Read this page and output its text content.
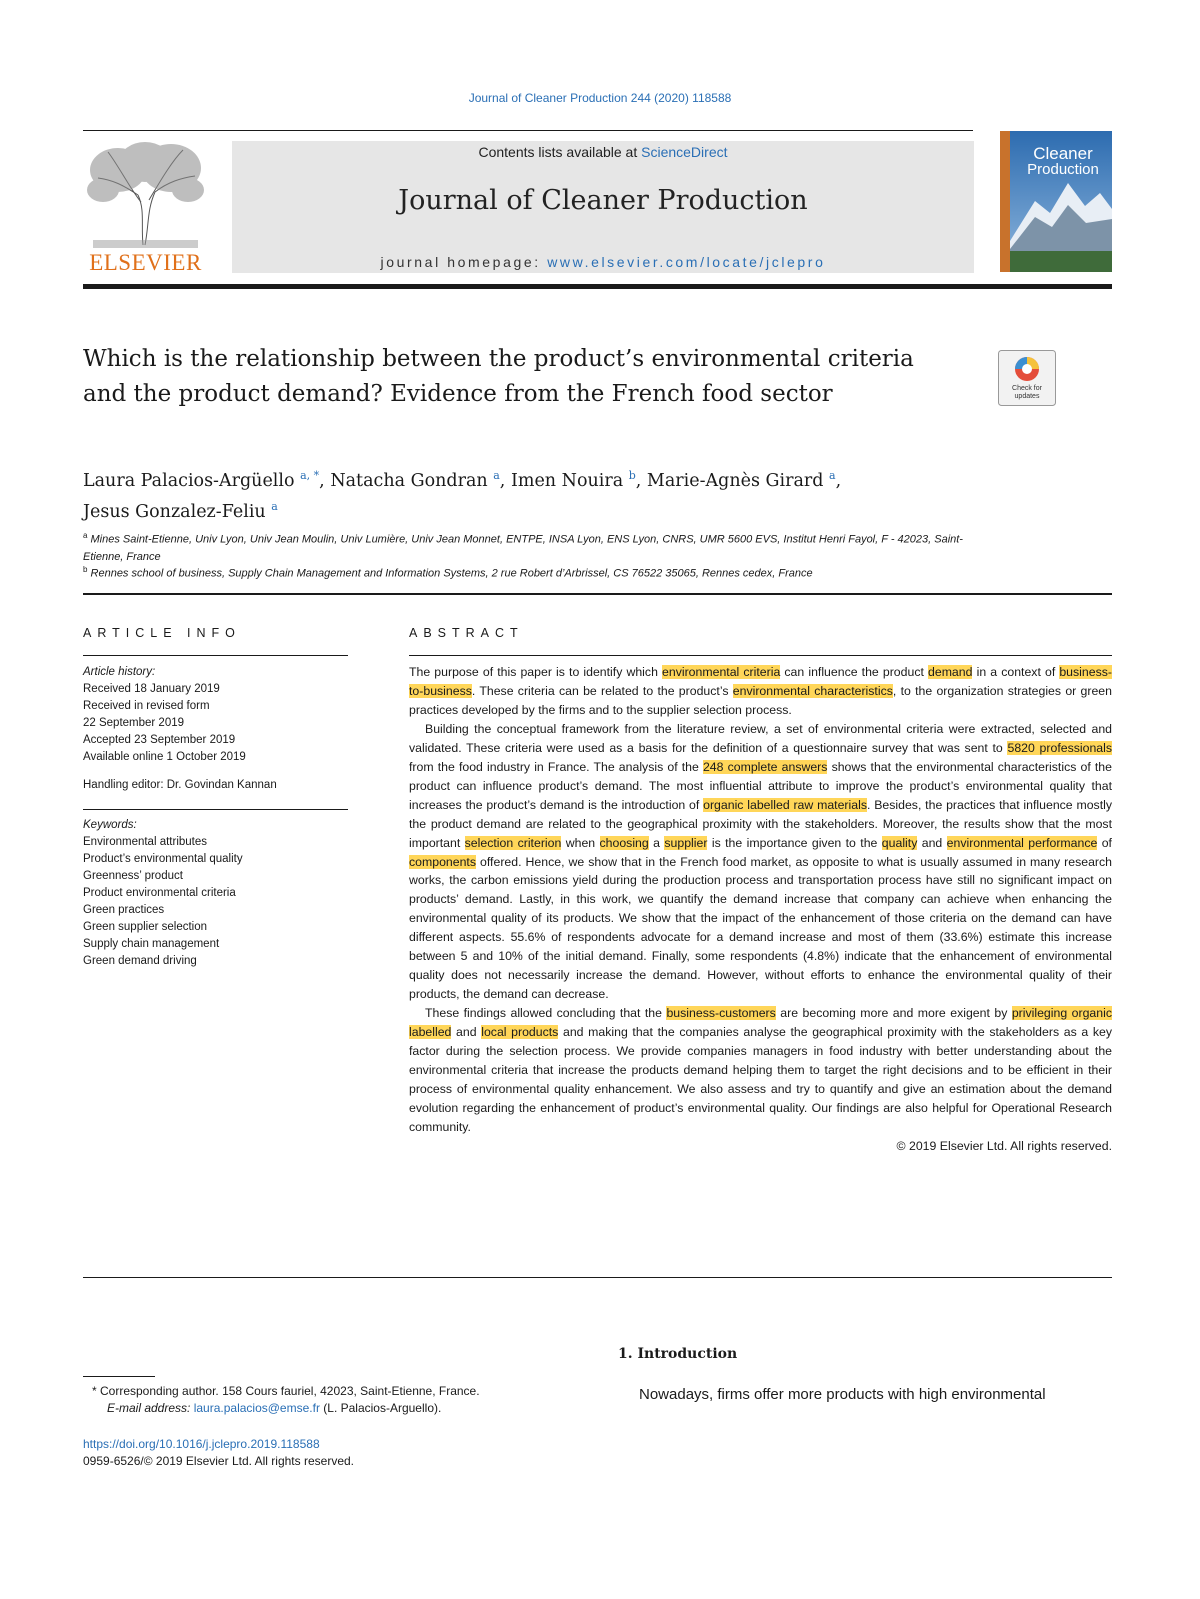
Journal of Cleaner Production 244 (2020) 118588
ELSEVIER
Contents lists available at ScienceDirect
Journal of Cleaner Production
journal homepage: www.elsevier.com/locate/jclepro
Cleaner
Production
Which is the relationship between the product’s environmental criteria and the product demand? Evidence from the French food sector	Check for
updates
Laura Palacios-Argüello $^{a, *}$, Natacha Gondran $^a$, Imen Nouira $^b$, Marie-Agnès Girard $^a$,
Jesus Gonzalez-Feliu $^a$
$^a$ Mines Saint-Etienne, Univ Lyon, Univ Jean Moulin, Univ Lumière, Univ Jean Monnet, ENTPE, INSA Lyon, ENS Lyon, CNRS, UMR 5600 EVS, Institut Henri Fayol, F - 42023, Saint-Etienne, France
$^b$ Rennes school of business, Supply Chain Management and Information Systems, 2 rue Robert d’Arbrissel, CS 76522 35065, Rennes cedex, France
ARTICLE INFO
Article history:
Received 18 January 2019
Received in revised form
22 September 2019
Accepted 23 September 2019
Available online 1 October 2019
Handling editor: Dr. Govindan Kannan
Keywords:
Environmental attributes
Product’s environmental quality
Greenness’ product
Product environmental criteria
Green practices
Green supplier selection
Supply chain management
Green demand driving
ABSTRACT

The purpose of this paper is to identify which environmental criteria can influence the product demand in a context of business-to-business. These criteria can be related to the product’s environmental characteristics, to the organization strategies or green practices developed by the firms and to the supplier selection process.

Building the conceptual framework from the literature review, a set of environmental criteria were extracted, selected and validated. These criteria were used as a basis for the definition of a questionnaire survey that was sent to 5820 professionals from the food industry in France. The analysis of the 248 complete answers shows that the environmental characteristics of the product can influence product’s demand. The most influential attribute to improve the product’s environmental quality that increases the product’s demand is the introduction of organic labelled raw materials. Besides, the practices that influence mostly the product demand are related to the geographical proximity with the stakeholders. Moreover, the results show that the most important selection criterion when choosing a supplier is the importance given to the quality and environmental performance of components offered. Hence, we show that in the French food market, as opposite to what is usually assumed in many research works, the carbon emissions yield during the production process and transportation process have still no significant impact on products’ demand. Lastly, in this work, we quantify the demand increase that company can achieve when enhancing the environmental quality of its products. We show that the impact of the enhancement of those criteria on the demand can have different aspects. 55.6% of respondents advocate for a demand increase and most of them (33.6%) estimate this increase between 5 and 10% of the initial demand. Finally, some respondents (4.8%) indicate that the enhancement of environmental quality does not necessarily increase the demand. However, without efforts to enhance the environmental quality of their products, the demand can decrease.

These findings allowed concluding that the business-customers are becoming more and more exigent by privileging organic labelled and local products and making that the companies analyse the geographical proximity with the stakeholders as a key factor during the selection process. We provide companies managers in food industry with better understanding about the environmental criteria that increase the products demand helping them to target the right decisions and to be efficient in their process of environmental quality enhancement. We also assess and try to quantify and give an estimation about the demand evolution regarding the enhancement of product’s environmental quality. Our findings are also helpful for Operational Research community.

© 2019 Elsevier Ltd. All rights reserved.

1. Introduction
Nowadays, firms offer more products with high environmental
* Corresponding author. 158 Cours fauriel, 42023, Saint-Etienne, France.
E-mail address: laura.palacios@emse.fr (L. Palacios-Arguello).
https://doi.org/10.1016/j.jclepro.2019.118588
0959-6526/© 2019 Elsevier Ltd. All rights reserved.
